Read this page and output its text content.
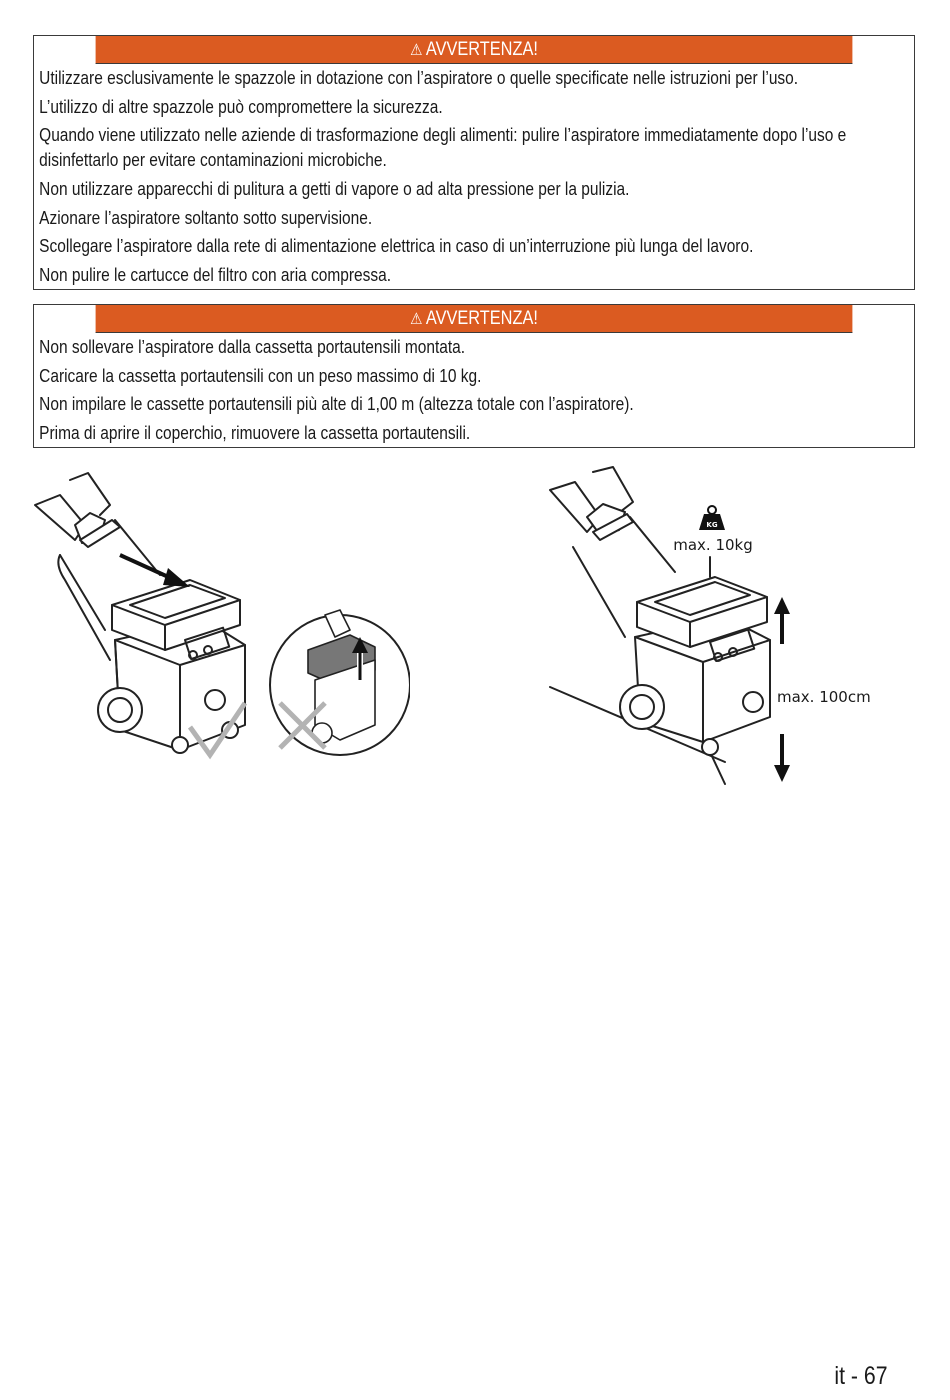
⚠ AVVERTENZA!
Utilizzare esclusivamente le spazzole in dotazione con l’aspiratore o quelle specificate nelle istruzioni per l’uso.
L’utilizzo di altre spazzole può compromettere la sicurezza.
Quando viene utilizzato nelle aziende di trasformazione degli alimenti: pulire l’aspiratore immediatamente dopo l’uso e disinfettarlo per evitare contaminazioni microbiche.
Non utilizzare apparecchi di pulitura a getti di vapore o ad alta pressione per la pulizia.
Azionare l’aspiratore soltanto sotto supervisione.
Scollegare l’aspiratore dalla rete di alimentazione elettrica in caso di un’interruzione più lunga del lavoro.
Non pulire le cartucce del filtro con aria compressa.
⚠ AVVERTENZA!
Non sollevare l’aspiratore dalla cassetta portautensili montata.
Caricare la cassetta portautensili con un peso massimo di 10 kg.
Non impilare le cassette portautensili più alte di 1,00 m (altezza totale con l’aspiratore).
Prima di aprire il coperchio, rimuovere la cassetta portautensili.
KG
max. 10kg
max. 100cm
it - 67
